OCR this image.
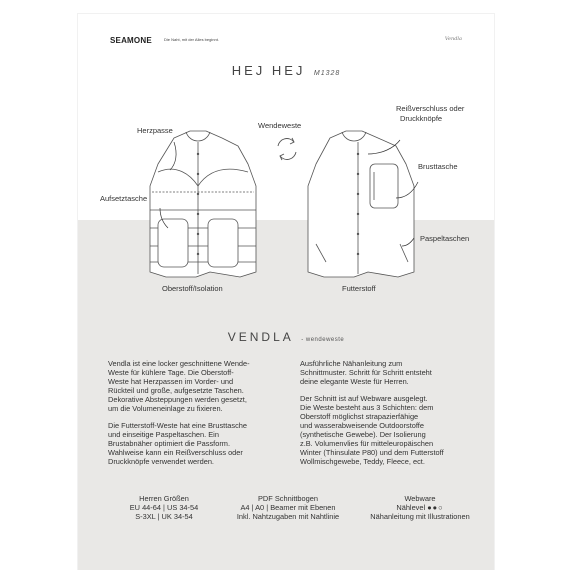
SEAMONE	Die Naht, mit der Alles beginnt.	Vendla
HEJ HEJ M1328
Herzpasse
Aufsetztasche
Wendeweste
Reißverschluss oder
Druckknöpfe
Brusttasche
Paspeltaschen
Oberstoff/Isolation	Futterstoff
VENDLA - wendeweste

Vendla ist eine locker geschnittene Wende-
Weste für kühlere Tage. Die Oberstoff-
Weste hat Herzpassen im Vorder- und
Rückteil und große, aufgesetzte Taschen.
Dekorative Absteppungen werden gesetzt,
um die Volumeneinlage zu fixieren.

Die Futterstoff-Weste hat eine Brusttasche
und einseitige Paspeltaschen. Ein
Brustabnäher optimiert die Passform.
Wahlweise kann ein Reißverschluss oder
Druckknöpfe verwendet werden.

Ausführliche Nähanleitung zum
Schnittmuster. Schritt für Schritt entsteht
deine elegante Weste für Herren.

Der Schnitt ist auf Webware ausgelegt.
Die Weste besteht aus 3 Schichten: dem
Oberstoff möglichst strapazierfähige
und wasserabweisende Outdoorstoffe
(synthetische Gewebe). Der Isolierung
z.B. Volumenvlies für mitteleuropäischen
Winter (Thinsulate P80) und dem Futterstoff
Wollmischgewebe, Teddy, Fleece, ect.

Herren Größen
EU 44-64 | US 34-54
S-3XL | UK 34-54
PDF Schnittbogen
A4 | A0 | Beamer mit Ebenen
Inkl. Nahtzugaben mit Nahtlinie
Webware
Nählevel ●●○
Nähanleitung mit Illustrationen
